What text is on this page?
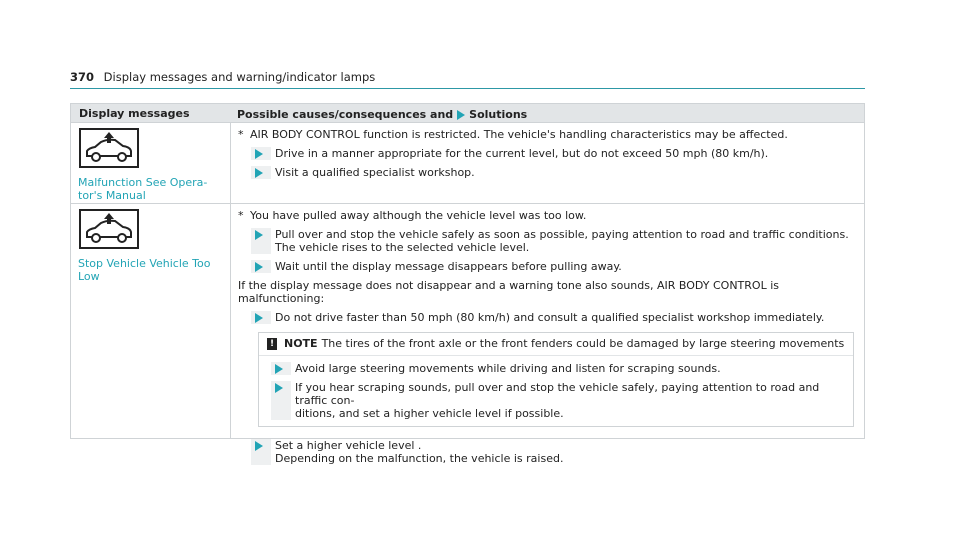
370 Display messages and warning/indicator lamps
Display messages	Possible causes/consequences and Solutions
Malfunction See Opera-
tor's Manual
* AIR BODY CONTROL function is restricted. The vehicle's handling characteristics may be affected.
Drive in a manner appropriate for the current level, but do not exceed 50 mph (80 km/h).
Visit a qualified specialist workshop.
Stop Vehicle Vehicle Too
Low
* You have pulled away although the vehicle level was too low.
Pull over and stop the vehicle safely as soon as possible, paying attention to road and traffic conditions.
The vehicle rises to the selected vehicle level.
Wait until the display message disappears before pulling away.
If the display message does not disappear and a warning tone also sounds, AIR BODY CONTROL is malfunctioning:
Do not drive faster than 50 mph (80 km/h) and consult a qualified specialist workshop immediately.
! NOTE The tires of the front axle or the front fenders could be damaged by large steering movements
Avoid large steering movements while driving and listen for scraping sounds.
If you hear scraping sounds, pull over and stop the vehicle safely, paying attention to road and traffic con-
ditions, and set a higher vehicle level if possible.
Set a higher vehicle level .
Depending on the malfunction, the vehicle is raised.
